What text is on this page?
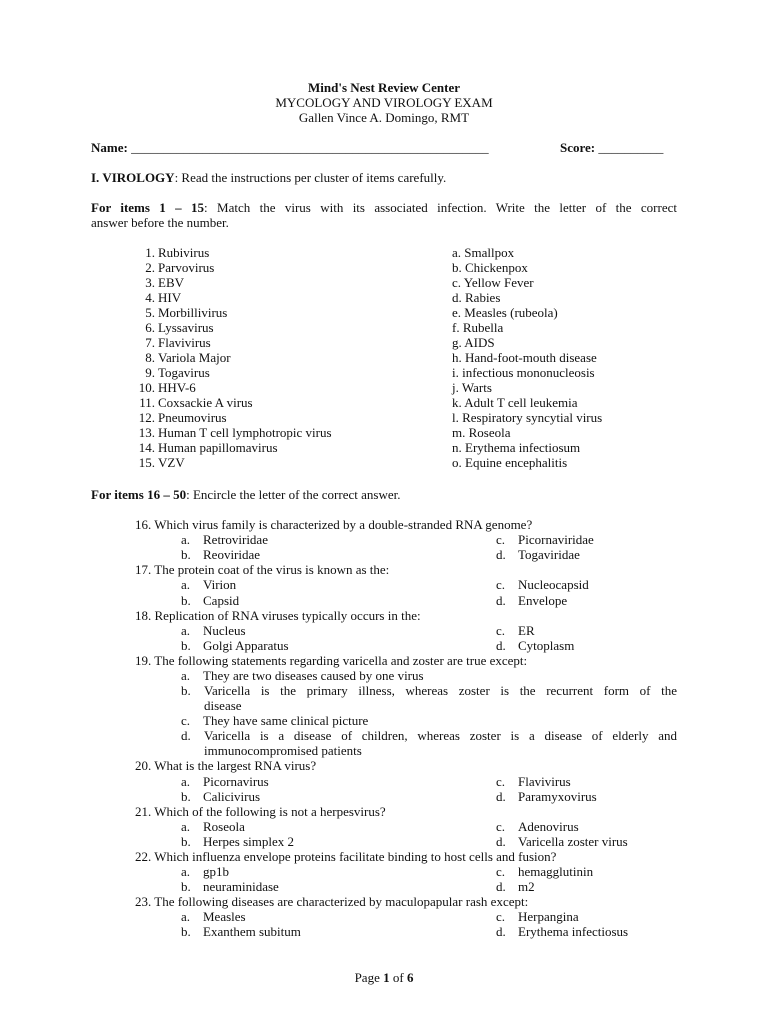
Mind's Nest Review Center
MYCOLOGY AND VIROLOGY EXAM
Gallen Vince A. Domingo, RMT
Name: _______________________________________________________	Score: __________
I. VIROLOGY: Read the instructions per cluster of items carefully.
For items 1 – 15: Match the virus with its associated infection. Write the letter of the correct
answer before the number.
1. Rubivirus	a. Smallpox
2. Parvovirus	b. Chickenpox
3. EBV	c. Yellow Fever
4. HIV	d. Rabies
5. Morbillivirus	e. Measles (rubeola)
6. Lyssavirus	f. Rubella
7. Flavivirus	g. AIDS
8. Variola Major	h. Hand-foot-mouth disease
9. Togavirus	i. infectious mononucleosis
10. HHV-6	j. Warts
11. Coxsackie A virus	k. Adult T cell leukemia
12. Pneumovirus	l. Respiratory syncytial virus
13. Human T cell lymphotropic virus	m. Roseola
14. Human papillomavirus	n. Erythema infectiosum
15. VZV	o. Equine encephalitis
For items 16 – 50: Encircle the letter of the correct answer.
16. Which virus family is characterized by a double-stranded RNA genome?
a. Retroviridae	c. Picornaviridae
b. Reoviridae	d. Togaviridae
17. The protein coat of the virus is known as the:
a. Virion	c. Nucleocapsid
b. Capsid	d. Envelope
18. Replication of RNA viruses typically occurs in the:
a. Nucleus	c. ER
b. Golgi Apparatus	d. Cytoplasm
19. The following statements regarding varicella and zoster are true except:
a. They are two diseases caused by one virus
b.	Varicella is the primary illness, whereas zoster is the recurrent form of the
disease
c. They have same clinical picture
d.	Varicella is a disease of children, whereas zoster is a disease of elderly and
immunocompromised patients
20. What is the largest RNA virus?
a. Picornavirus	c. Flavivirus
b. Calicivirus	d. Paramyxovirus
21. Which of the following is not a herpesvirus?
a. Roseola	c. Adenovirus
b. Herpes simplex 2	d. Varicella zoster virus
22. Which influenza envelope proteins facilitate binding to host cells and fusion?
a. gp1b	c. hemagglutinin
b. neuraminidase	d. m2
23. The following diseases are characterized by maculopapular rash except:
a. Measles	c. Herpangina
b. Exanthem subitum	d. Erythema infectiosus
Page 1 of 6
